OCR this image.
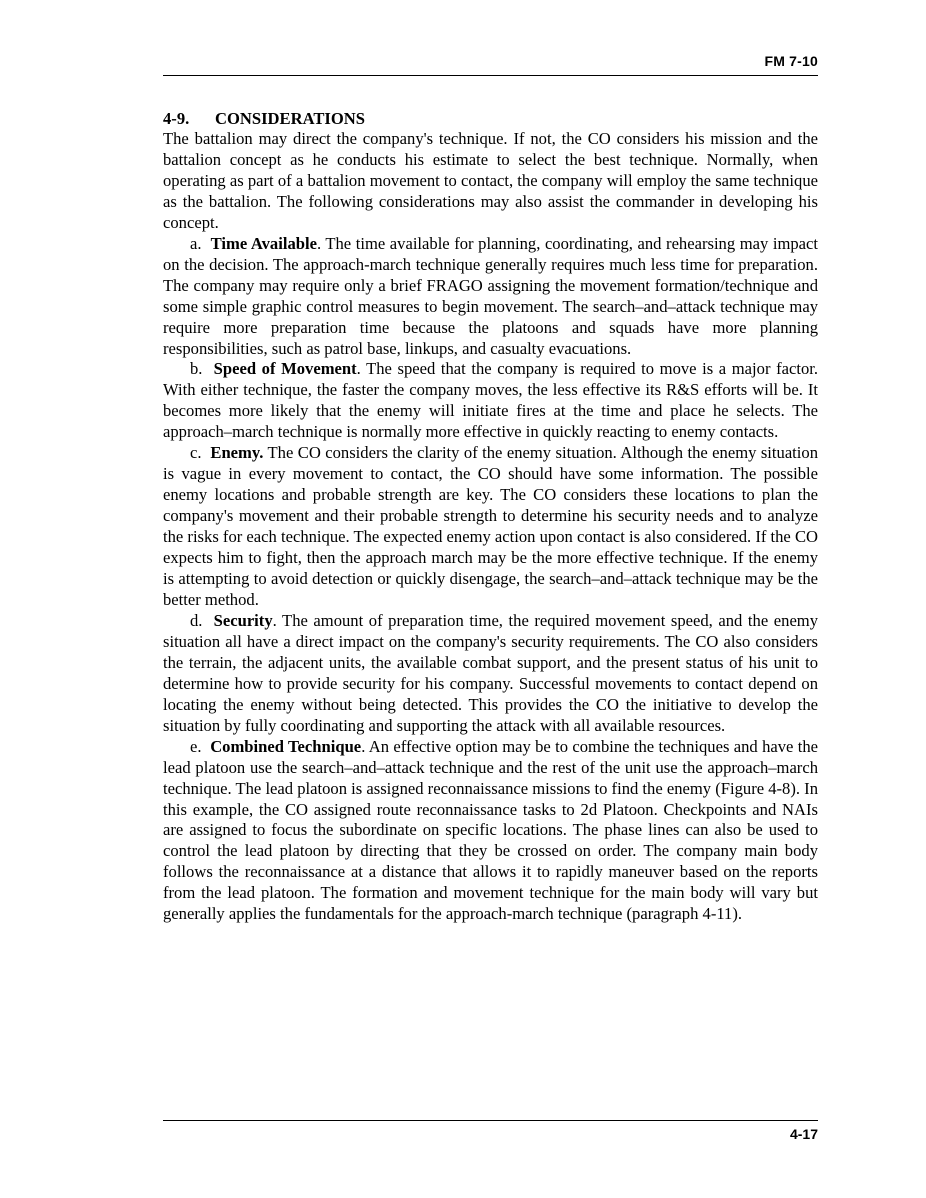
FM 7-10
4-9. CONSIDERATIONS

The battalion may direct the company's technique. If not, the CO considers his mission and the battalion concept as he conducts his estimate to select the best technique. Normally, when operating as part of a battalion movement to contact, the company will employ the same technique as the battalion. The following considerations may also assist the commander in developing his concept.

a. Time Available. The time available for planning, coordinating, and rehearsing may impact on the decision. The approach-march technique generally requires much less time for preparation. The company may require only a brief FRAGO assigning the movement formation/technique and some simple graphic control measures to begin movement. The search–and–attack technique may require more preparation time because the platoons and squads have more planning responsibilities, such as patrol base, linkups, and casualty evacuations.

b. Speed of Movement. The speed that the company is required to move is a major factor. With either technique, the faster the company moves, the less effective its R&S efforts will be. It becomes more likely that the enemy will initiate fires at the time and place he selects. The approach–march technique is normally more effective in quickly reacting to enemy contacts.

c. Enemy. The CO considers the clarity of the enemy situation. Although the enemy situation is vague in every movement to contact, the CO should have some information. The possible enemy locations and probable strength are key. The CO considers these locations to plan the company's movement and their probable strength to determine his security needs and to analyze the risks for each technique. The expected enemy action upon contact is also considered. If the CO expects him to fight, then the approach march may be the more effective technique. If the enemy is attempting to avoid detection or quickly disengage, the search–and–attack technique may be the better method.

d. Security. The amount of preparation time, the required movement speed, and the enemy situation all have a direct impact on the company's security requirements. The CO also considers the terrain, the adjacent units, the available combat support, and the present status of his unit to determine how to provide security for his company. Successful movements to contact depend on locating the enemy without being detected. This provides the CO the initiative to develop the situation by fully coordinating and supporting the attack with all available resources.

e. Combined Technique. An effective option may be to combine the techniques and have the lead platoon use the search–and–attack technique and the rest of the unit use the approach–march technique. The lead platoon is assigned reconnaissance missions to find the enemy (Figure 4-8). In this example, the CO assigned route reconnaissance tasks to 2d Platoon. Checkpoints and NAIs are assigned to focus the subordinate on specific locations. The phase lines can also be used to control the lead platoon by directing that they be crossed on order. The company main body follows the reconnaissance at a distance that allows it to rapidly maneuver based on the reports from the lead platoon. The formation and movement technique for the main body will vary but generally applies the fundamentals for the approach-march technique (paragraph 4-11).

4-17
